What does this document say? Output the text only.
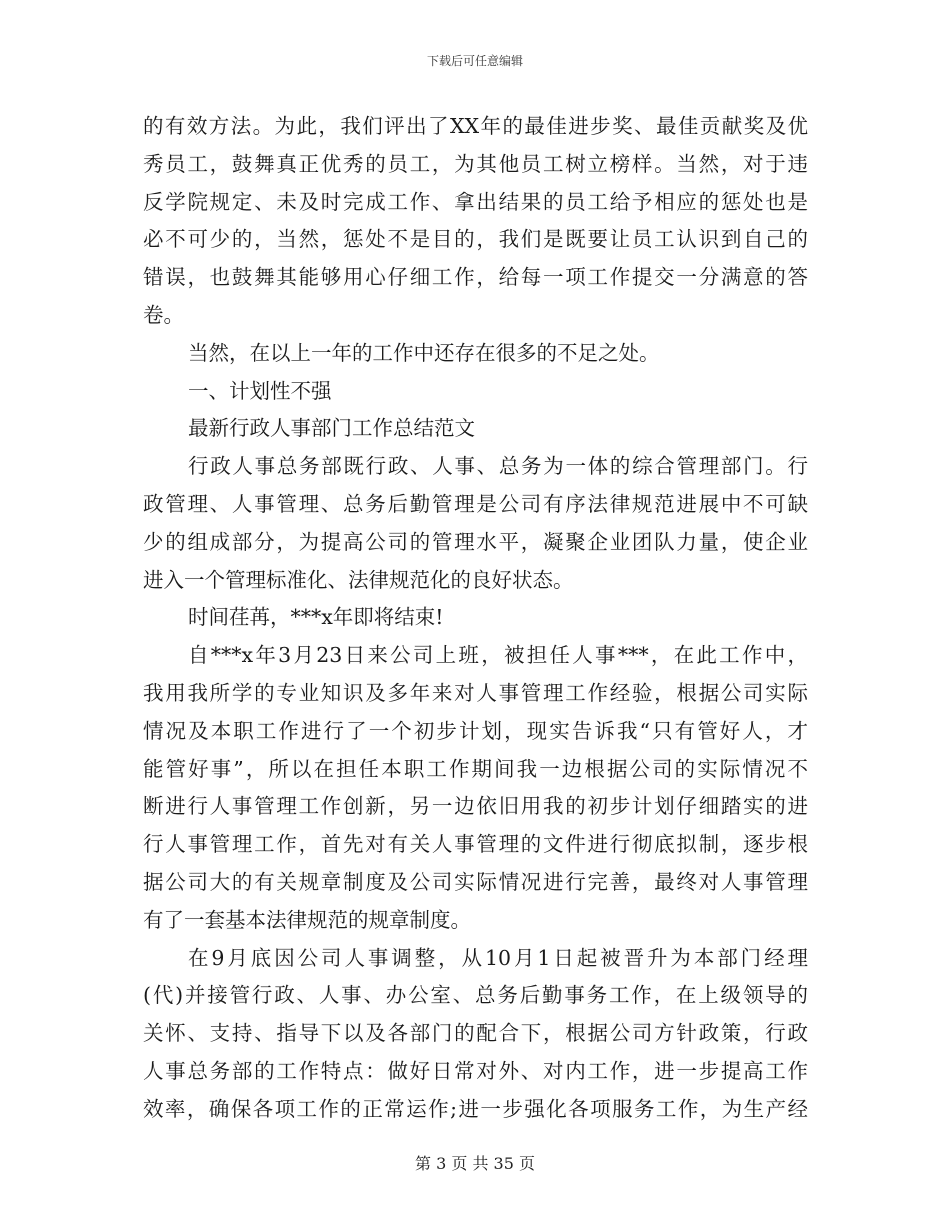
下载后可任意编辑
的有效方法。为此，我们评出了XX年的最佳进步奖、最佳贡献奖及优
秀员工，鼓舞真正优秀的员工，为其他员工树立榜样。当然，对于违
反学院规定、未及时完成工作、拿出结果的员工给予相应的惩处也是
必不可少的，当然，惩处不是目的，我们是既要让员工认识到自己的
错误，也鼓舞其能够用心仔细工作，给每一项工作提交一分满意的答
卷。
当然，在以上一年的工作中还存在很多的不足之处。
一、计划性不强
最新行政人事部门工作总结范文
行政人事总务部既行政、人事、总务为一体的综合管理部门。行
政管理、人事管理、总务后勤管理是公司有序法律规范进展中不可缺
少的组成部分，为提高公司的管理水平，凝聚企业团队力量，使企业
进入一个管理标准化、法律规范化的良好状态。
时间荏苒，***x年即将结束!
自***x年3月23日来公司上班，被担任人事***，在此工作中，
我用我所学的专业知识及多年来对人事管理工作经验，根据公司实际
情况及本职工作进行了一个初步计划，现实告诉我“只有管好人，才
能管好事”，所以在担任本职工作期间我一边根据公司的实际情况不
断进行人事管理工作创新，另一边依旧用我的初步计划仔细踏实的进
行人事管理工作，首先对有关人事管理的文件进行彻底拟制，逐步根
据公司大的有关规章制度及公司实际情况进行完善，最终对人事管理
有了一套基本法律规范的规章制度。
在9月底因公司人事调整，从10月1日起被晋升为本部门经理
(代)并接管行政、人事、办公室、总务后勤事务工作，在上级领导的
关怀、支持、指导下以及各部门的配合下，根据公司方针政策，行政
人事总务部的工作特点：做好日常对外、对内工作，进一步提高工作
效率，确保各项工作的正常运作;进一步强化各项服务工作，为生产经
第 3 页 共 35 页
